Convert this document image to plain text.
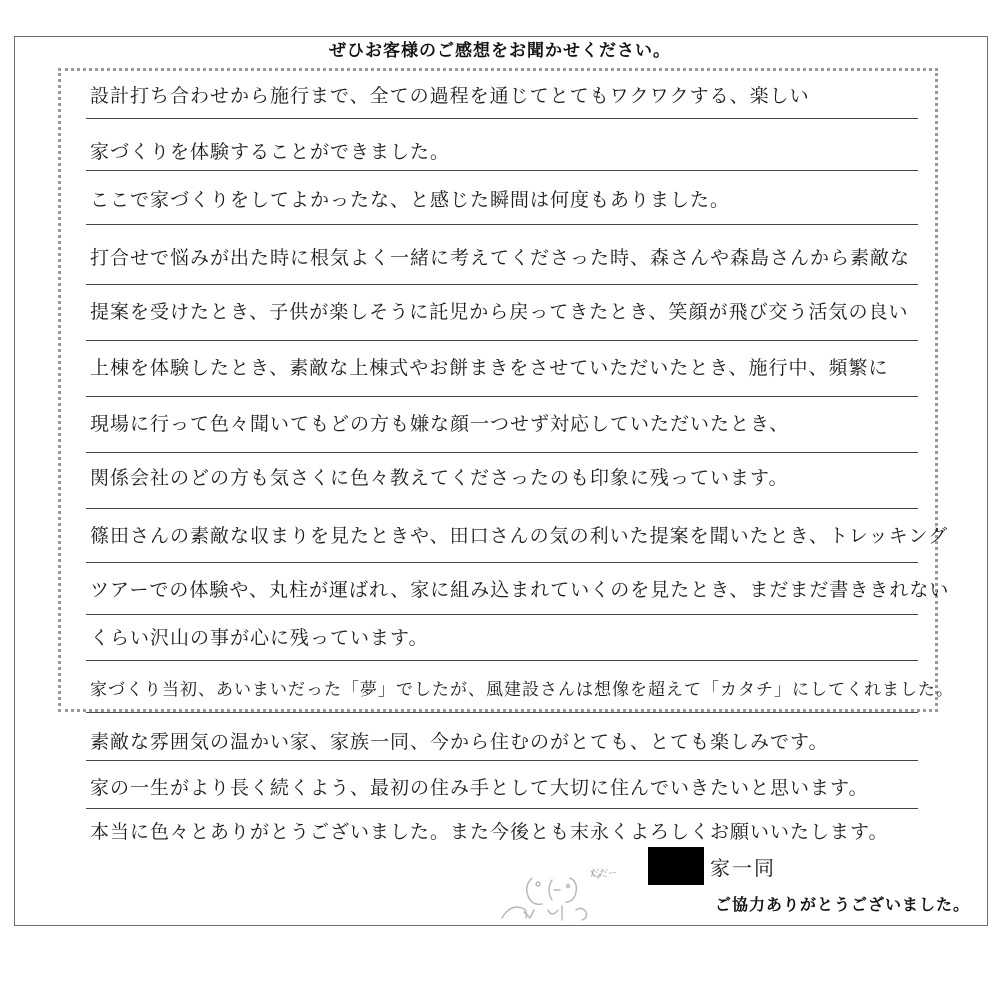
ぜひお客様のご感想をお聞かせください。
設計打ち合わせから施行まで、全ての過程を通じてとてもワクワクする、楽しい
家づくりを体験することができました。
ここで家づくりをしてよかったな、と感じた瞬間は何度もありました。
打合せで悩みが出た時に根気よく一緒に考えてくださった時、森さんや森島さんから素敵な
提案を受けたとき、子供が楽しそうに託児から戻ってきたとき、笑顔が飛び交う活気の良い
上棟を体験したとき、素敵な上棟式やお餅まきをさせていただいたとき、施行中、頻繁に
現場に行って色々聞いてもどの方も嫌な顔一つせず対応していただいたとき、
関係会社のどの方も気さくに色々教えてくださったのも印象に残っています。
篠田さんの素敵な収まりを見たときや、田口さんの気の利いた提案を聞いたとき、トレッキング
ツアーでの体験や、丸柱が運ばれ、家に組み込まれていくのを見たとき、まだまだ書ききれない
くらい沢山の事が心に残っています。
家づくり当初、あいまいだった「夢」でしたが、風建設さんは想像を超えて「カタチ」にしてくれました。
素敵な雰囲気の温かい家、家族一同、今から住むのがとても、とても楽しみです。
家の一生がより長く続くよう、最初の住み手として大切に住んでいきたいと思います。
本当に色々とありがとうございました。また今後とも末永くよろしくお願いいたします。
だだー	家一同
ご協力ありがとうございました。
